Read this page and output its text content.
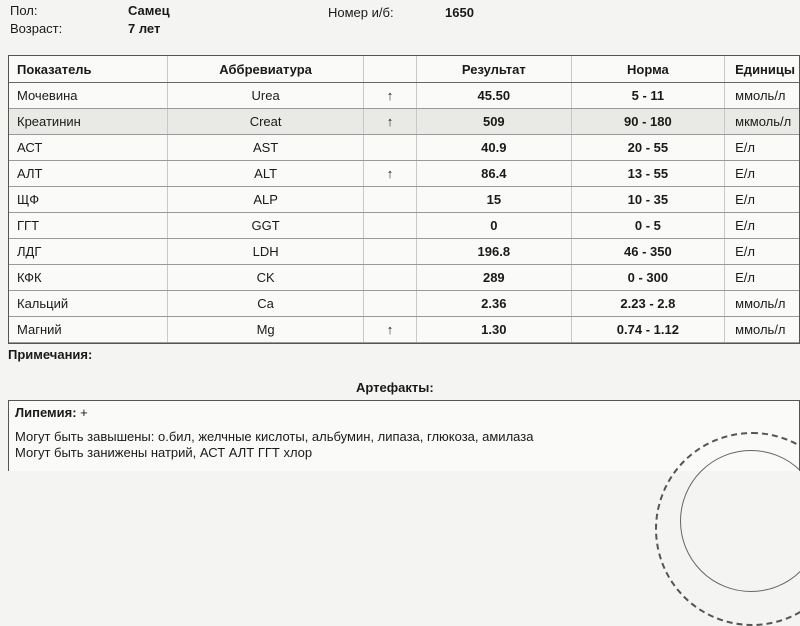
Пол:	Самец
Возраст:	7 лет
Номер и/б:	1650
Показатель	Аббревиатура		Результат	Норма	Единицы
Мочевина	Urea	↑	45.50	5 - 11	ммоль/л
Креатинин	Creat	↑	509	90 - 180	мкмоль/л
АСТ	AST		40.9	20 - 55	Е/л
АЛТ	ALT	↑	86.4	13 - 55	Е/л
ЩФ	ALP		15	10 - 35	Е/л
ГГТ	GGT		0	0 - 5	Е/л
ЛДГ	LDH		196.8	46 - 350	Е/л
КФК	CK		289	0 - 300	Е/л
Кальций	Ca		2.36	2.23 - 2.8	ммоль/л
Магний	Mg	↑	1.30	0.74 - 1.12	ммоль/л
Примечания:
Артефакты:
Липемия: +
Могут быть завышены: о.бил, желчные кислоты, альбумин, липаза, глюкоза, амилаза
Могут быть занижены натрий, АСТ АЛТ ГГТ хлор
